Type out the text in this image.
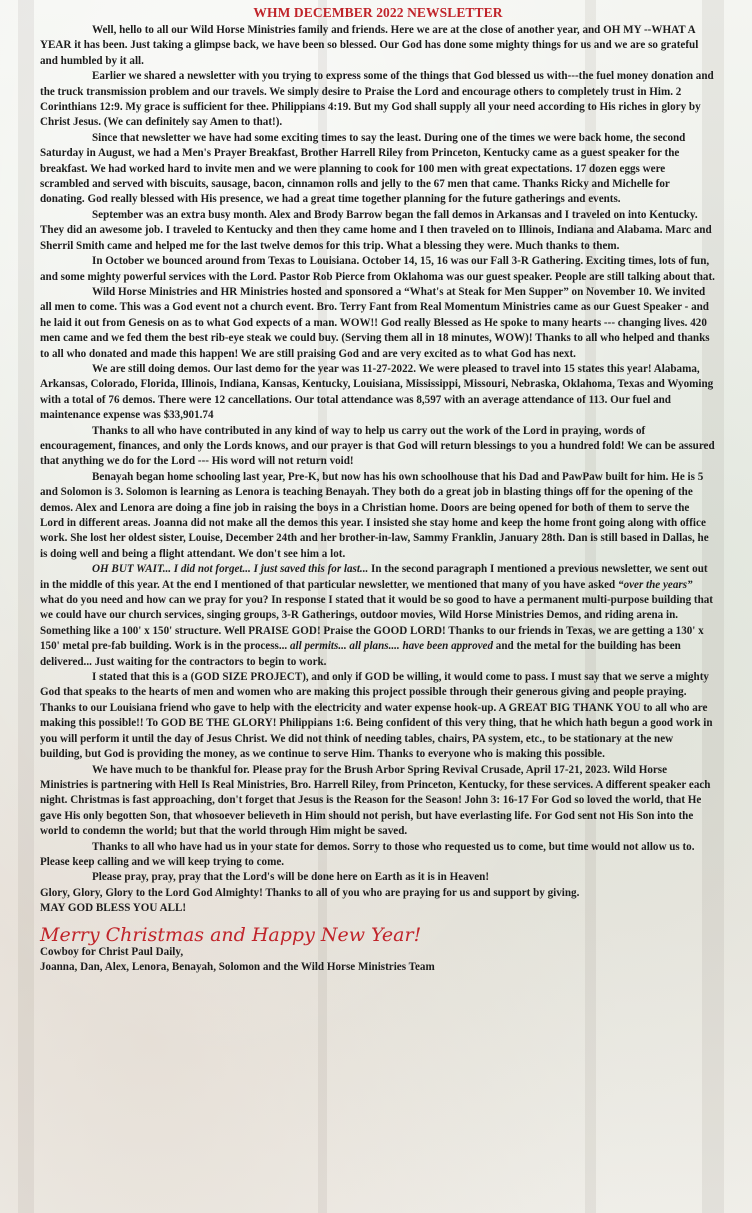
WHM DECEMBER 2022 NEWSLETTER

Well, hello to all our Wild Horse Ministries family and friends. Here we are at the close of another year, and OH MY --WHAT A YEAR it has been. Just taking a glimpse back, we have been so blessed. Our God has done some mighty things for us and we are so grateful and humbled by it all.

Earlier we shared a newsletter with you trying to express some of the things that God blessed us with---the fuel money donation and the truck transmission problem and our travels. We simply desire to Praise the Lord and encourage others to completely trust in Him. 2 Corinthians 12:9. My grace is sufficient for thee. Philippians 4:19. But my God shall supply all your need according to His riches in glory by Christ Jesus. (We can definitely say Amen to that!).

Since that newsletter we have had some exciting times to say the least. During one of the times we were back home, the second Saturday in August, we had a Men's Prayer Breakfast, Brother Harrell Riley from Princeton, Kentucky came as a guest speaker for the breakfast. We had worked hard to invite men and we were planning to cook for 100 men with great expectations. 17 dozen eggs were scrambled and served with biscuits, sausage, bacon, cinnamon rolls and jelly to the 67 men that came. Thanks Ricky and Michelle for donating. God really blessed with His presence, we had a great time together planning for the future gatherings and events.

September was an extra busy month. Alex and Brody Barrow began the fall demos in Arkansas and I traveled on into Kentucky. They did an awesome job. I traveled to Kentucky and then they came home and I then traveled on to Illinois, Indiana and Alabama. Marc and Sherril Smith came and helped me for the last twelve demos for this trip. What a blessing they were. Much thanks to them.

In October we bounced around from Texas to Louisiana. October 14, 15, 16 was our Fall 3-R Gathering. Exciting times, lots of fun, and some mighty powerful services with the Lord. Pastor Rob Pierce from Oklahoma was our guest speaker. People are still talking about that.

Wild Horse Ministries and HR Ministries hosted and sponsored a “What's at Steak for Men Supper” on November 10. We invited all men to come. This was a God event not a church event. Bro. Terry Fant from Real Momentum Ministries came as our Guest Speaker - and he laid it out from Genesis on as to what God expects of a man. WOW!! God really Blessed as He spoke to many hearts --- changing lives. 420 men came and we fed them the best rib-eye steak we could buy. (Serving them all in 18 minutes, WOW)! Thanks to all who helped and thanks to all who donated and made this happen! We are still praising God and are very excited as to what God has next.

We are still doing demos. Our last demo for the year was 11-27-2022. We were pleased to travel into 15 states this year! Alabama, Arkansas, Colorado, Florida, Illinois, Indiana, Kansas, Kentucky, Louisiana, Mississippi, Missouri, Nebraska, Oklahoma, Texas and Wyoming with a total of 76 demos. There were 12 cancellations. Our total attendance was 8,597 with an average attendance of 113. Our fuel and maintenance expense was $33,901.74

Thanks to all who have contributed in any kind of way to help us carry out the work of the Lord in praying, words of encouragement, finances, and only the Lords knows, and our prayer is that God will return blessings to you a hundred fold! We can be assured that anything we do for the Lord --- His word will not return void!

Benayah began home schooling last year, Pre-K, but now has his own schoolhouse that his Dad and PawPaw built for him. He is 5 and Solomon is 3. Solomon is learning as Lenora is teaching Benayah. They both do a great job in blasting things off for the opening of the demos. Alex and Lenora are doing a fine job in raising the boys in a Christian home. Doors are being opened for both of them to serve the Lord in different areas. Joanna did not make all the demos this year. I insisted she stay home and keep the home front going along with office work. She lost her oldest sister, Louise, December 24th and her brother-in-law, Sammy Franklin, January 28th. Dan is still based in Dallas, he is doing well and being a flight attendant. We don't see him a lot.

OH BUT WAIT... I did not forget... I just saved this for last... In the second paragraph I mentioned a previous newsletter, we sent out in the middle of this year. At the end I mentioned of that particular newsletter, we mentioned that many of you have asked “over the years” what do you need and how can we pray for you? In response I stated that it would be so good to have a permanent multi-purpose building that we could have our church services, singing groups, 3-R Gatherings, outdoor movies, Wild Horse Ministries Demos, and riding arena in. Something like a 100' x 150' structure. Well PRAISE GOD! Praise the GOOD LORD! Thanks to our friends in Texas, we are getting a 130' x 150' metal pre-fab building. Work is in the process... all permits... all plans.... have been approved and the metal for the building has been delivered... Just waiting for the contractors to begin to work.

I stated that this is a (GOD SIZE PROJECT), and only if GOD be willing, it would come to pass. I must say that we serve a mighty God that speaks to the hearts of men and women who are making this project possible through their generous giving and people praying. Thanks to our Louisiana friend who gave to help with the electricity and water expense hook-up. A GREAT BIG THANK YOU to all who are making this possible!! To GOD BE THE GLORY! Philippians 1:6. Being confident of this very thing, that he which hath begun a good work in you will perform it until the day of Jesus Christ. We did not think of needing tables, chairs, PA system, etc., to be stationary at the new building, but God is providing the money, as we continue to serve Him. Thanks to everyone who is making this possible.

We have much to be thankful for. Please pray for the Brush Arbor Spring Revival Crusade, April 17-21, 2023. Wild Horse Ministries is partnering with Hell Is Real Ministries, Bro. Harrell Riley, from Princeton, Kentucky, for these services. A different speaker each night. Christmas is fast approaching, don't forget that Jesus is the Reason for the Season! John 3: 16-17 For God so loved the world, that He gave His only begotten Son, that whosoever believeth in Him should not perish, but have everlasting life. For God sent not His Son into the world to condemn the world; but that the world through Him might be saved.

Thanks to all who have had us in your state for demos. Sorry to those who requested us to come, but time would not allow us to. Please keep calling and we will keep trying to come.

Please pray, pray, pray that the Lord's will be done here on Earth as it is in Heaven!

Glory, Glory, Glory to the Lord God Almighty! Thanks to all of you who are praying for us and support by giving.

MAY GOD BLESS YOU ALL!

Merry Christmas and Happy New Year!

Cowboy for Christ Paul Daily,

Joanna, Dan, Alex, Lenora, Benayah, Solomon and the Wild Horse Ministries Team
